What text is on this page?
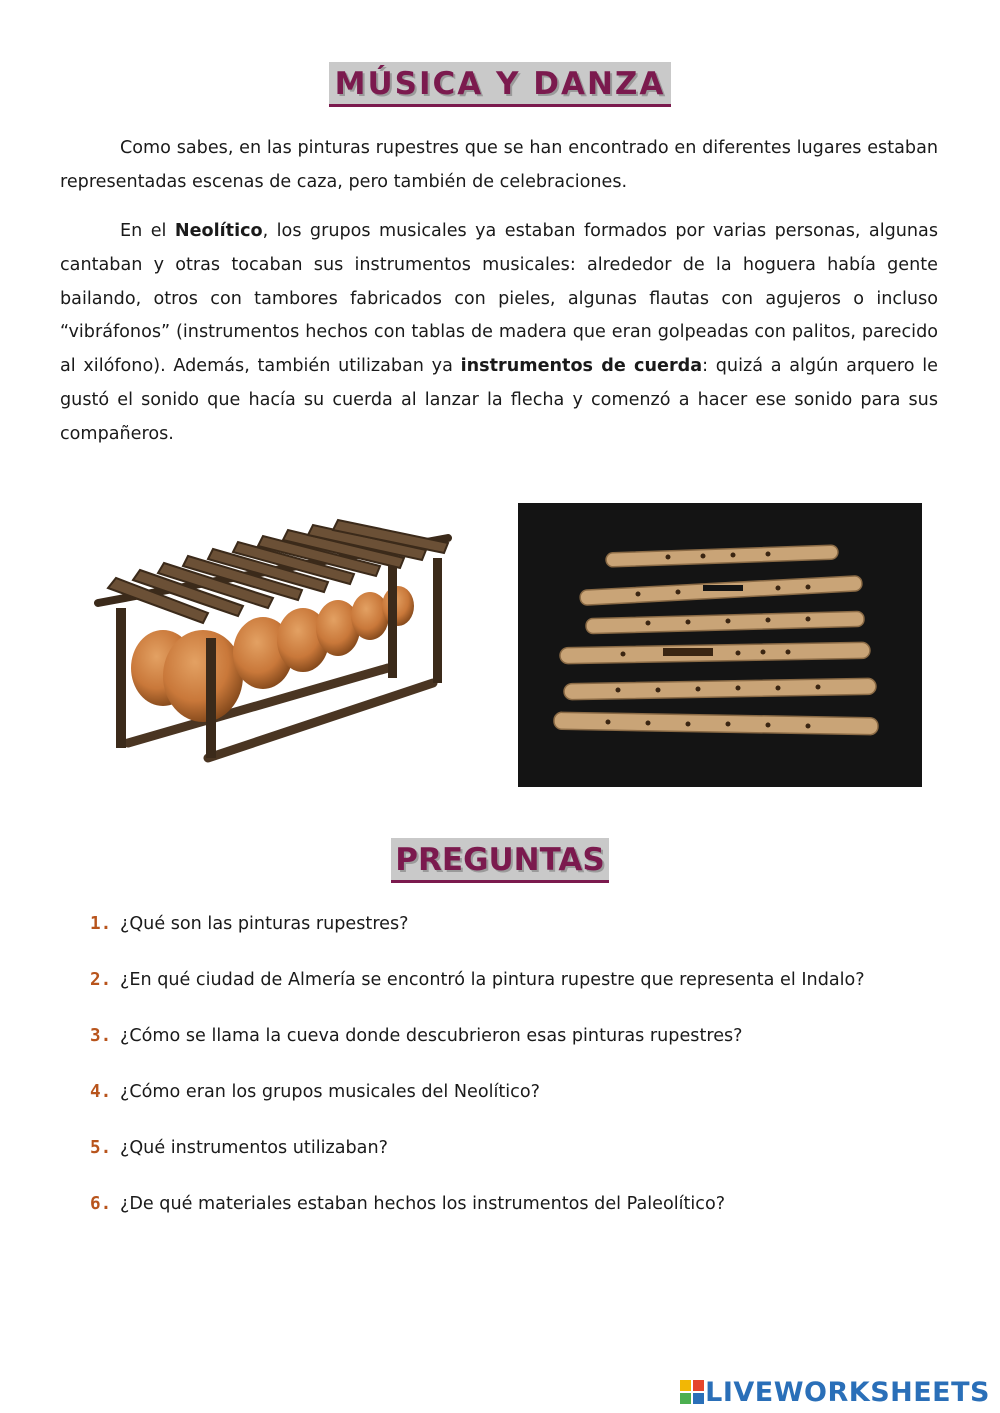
MÚSICA Y DANZA

Como sabes, en las pinturas rupestres que se han encontrado en diferentes lugares estaban representadas escenas de caza, pero también de celebraciones.

En el Neolítico, los grupos musicales ya estaban formados por varias personas, algunas cantaban y otras tocaban sus instrumentos musicales: alrededor de la hoguera había gente bailando, otros con tambores fabricados con pieles, algunas flautas con agujeros o incluso “vibráfonos” (instrumentos hechos con tablas de madera que eran golpeadas con palitos, parecido al xilófono). Además, también utilizaban ya instrumentos de cuerda: quizá a algún arquero le gustó el sonido que hacía su cuerda al lanzar la flecha y comenzó a hacer ese sonido para sus compañeros.

PREGUNTAS
1. ¿Qué son las pinturas rupestres?
2. ¿En qué ciudad de Almería se encontró la pintura rupestre que representa el Indalo?
3. ¿Cómo se llama la cueva donde descubrieron esas pinturas rupestres?
4. ¿Cómo eran los grupos musicales del Neolítico?
5. ¿Qué instrumentos utilizaban?
6. ¿De qué materiales estaban hechos los instrumentos del Paleolítico?
LIVEWORKSHEETS
